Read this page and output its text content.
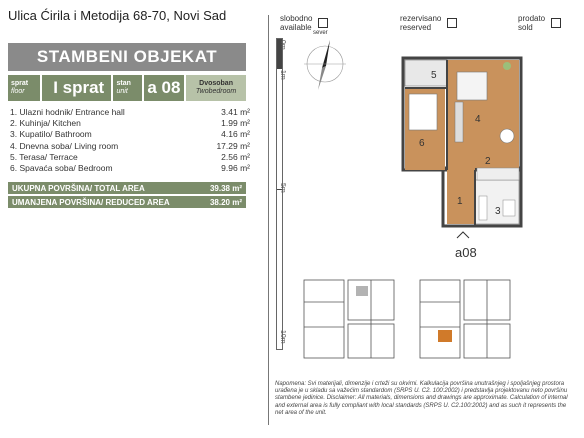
Ulica Ćirila i Metodija 68-70, Novi Sad
STAMBENI OBJEKAT
sprat
floor I sprat stan
unit a 08	Dvosoban
Twobedroom
1. Ulazni hodnik/ Entrance hall	3.41 m²
2. Kuhinja/ Kitchen	1.99 m²
3. Kupatilo/ Bathroom	4.16 m²
4. Dnevna soba/ Living room	17.29 m²
5. Terasa/ Terrace	2.56 m²
6. Spavaća soba/ Bedroom	9.96 m²
UKUPNA POVRŠINA/ TOTAL AREA	39.38 m²
UMANJENA POVRŠINA/ REDUCED AREA	38.20 m²
slobodno
available
rezervisano
reserved
prodato
sold
0m
1m
5m
10m
sever
5
4
6
2
1
3
a08
Napomena: Svi materijali, dimenzije i crteži su okvirni. Kalkulacija površina unutrašnjeg i spoljašnjeg prostora urađena je u skladu sa važećim standardom (SRPS U. C2. 100:2002) i predstavlja projektovanu neto površinu stambene jedinice. Disclaimer: All materials, dimensions and drawings are approximate. Calculation of internal and external area is fully compliant with local standards (SRPS U. C2.100:2002) and as such it represents the net area of the unit.
